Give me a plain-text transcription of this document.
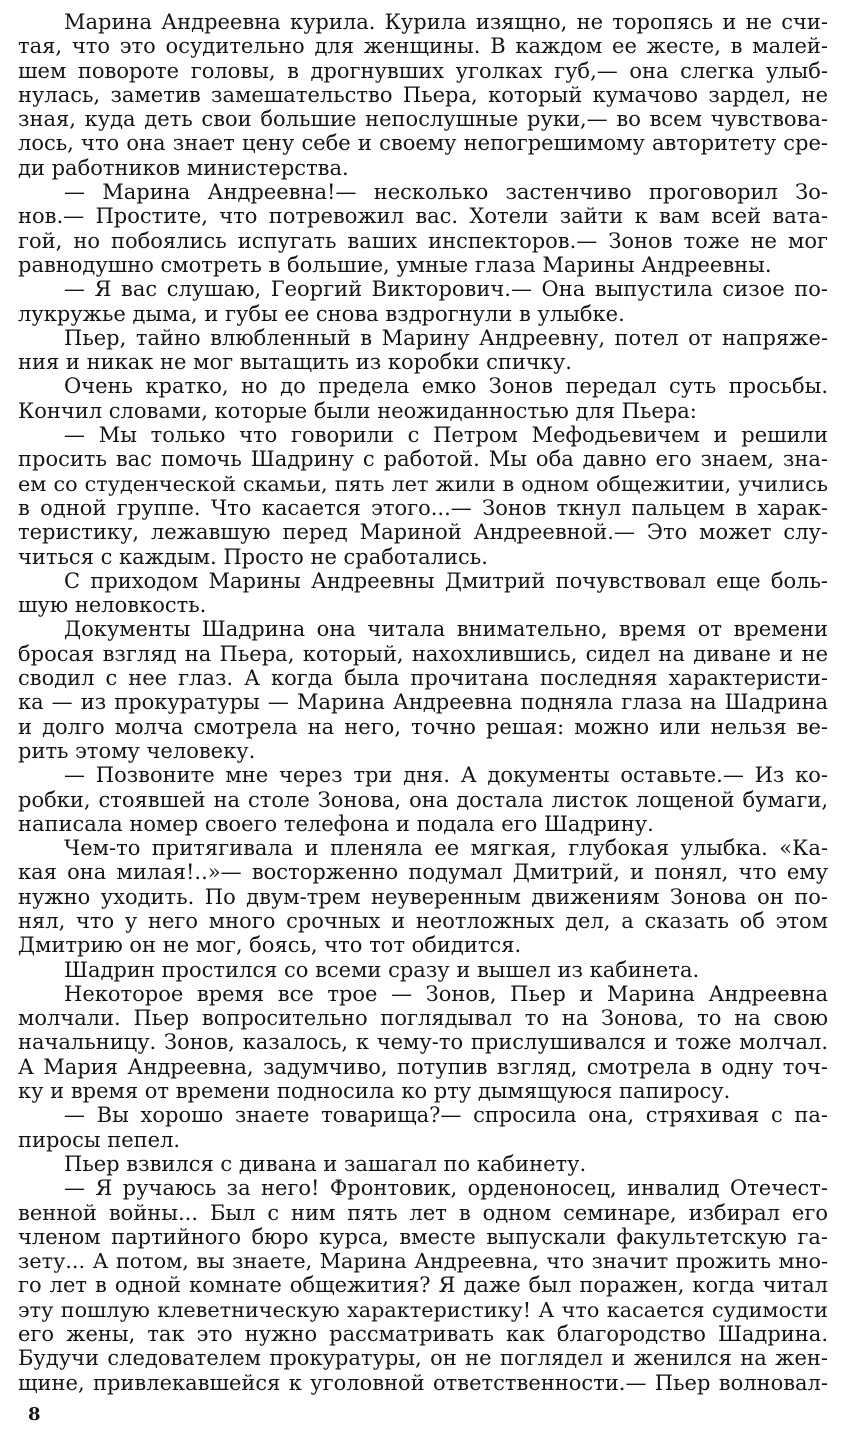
Марина Андреевна курила. Курила изящно, не торопясь и не счи-
тая, что это осудительно для женщины. В каждом ее жесте, в малей-
шем повороте головы, в дрогнувших уголках губ,— она слегка улыб-
нулась, заметив замешательство Пьера, который кумачово зардел, не
зная, куда деть свои большие непослушные руки,— во всем чувствова-
лось, что она знает цену себе и своему непогрешимому авторитету сре-
ди работников министерства.
— Марина Андреевна!— несколько застенчиво проговорил Зо-
нов.— Простите, что потревожил вас. Хотели зайти к вам всей вата-
гой, но побоялись испугать ваших инспекторов.— Зонов тоже не мог
равнодушно смотреть в большие, умные глаза Марины Андреевны.
— Я вас слушаю, Георгий Викторович.— Она выпустила сизое по-
лукружье дыма, и губы ее снова вздрогнули в улыбке.
Пьер, тайно влюбленный в Марину Андреевну, потел от напряже-
ния и никак не мог вытащить из коробки спичку.
Очень кратко, но до предела емко Зонов передал суть просьбы.
Кончил словами, которые были неожиданностью для Пьера:
— Мы только что говорили с Петром Мефодьевичем и решили
просить вас помочь Шадрину с работой. Мы оба давно его знаем, зна-
ем со студенческой скамьи, пять лет жили в одном общежитии, учились
в одной группе. Что касается этого...— Зонов ткнул пальцем в харак-
теристику, лежавшую перед Мариной Андреевной.— Это может слу-
читься с каждым. Просто не сработались.
С приходом Марины Андреевны Дмитрий почувствовал еще боль-
шую неловкость.
Документы Шадрина она читала внимательно, время от времени
бросая взгляд на Пьера, который, нахохлившись, сидел на диване и не
сводил с нее глаз. А когда была прочитана последняя характеристи-
ка — из прокуратуры — Марина Андреевна подняла глаза на Шадрина
и долго молча смотрела на него, точно решая: можно или нельзя ве-
рить этому человеку.
— Позвоните мне через три дня. А документы оставьте.— Из ко-
робки, стоявшей на столе Зонова, она достала листок лощеной бумаги,
написала номер своего телефона и подала его Шадрину.
Чем-то притягивала и пленяла ее мягкая, глубокая улыбка. «Ка-
кая она милая!..»— восторженно подумал Дмитрий, и понял, что ему
нужно уходить. По двум-трем неуверенным движениям Зонова он по-
нял, что у него много срочных и неотложных дел, а сказать об этом
Дмитрию он не мог, боясь, что тот обидится.
Шадрин простился со всеми сразу и вышел из кабинета.
Некоторое время все трое — Зонов, Пьер и Марина Андреевна
молчали. Пьер вопросительно поглядывал то на Зонова, то на свою
начальницу. Зонов, казалось, к чему-то прислушивался и тоже молчал.
А Мария Андреевна, задумчиво, потупив взгляд, смотрела в одну точ-
ку и время от времени подносила ко рту дымящуюся папиросу.
— Вы хорошо знаете товарища?— спросила она, стряхивая с па-
пиросы пепел.
Пьер взвился с дивана и зашагал по кабинету.
— Я ручаюсь за него! Фронтовик, орденоносец, инвалид Отечест-
венной войны... Был с ним пять лет в одном семинаре, избирал его
членом партийного бюро курса, вместе выпускали факультетскую га-
зету... А потом, вы знаете, Марина Андреевна, что значит прожить мно-
го лет в одной комнате общежития? Я даже был поражен, когда читал
эту пошлую клеветническую характеристику! А что касается судимости
его жены, так это нужно рассматривать как благородство Шадрина.
Будучи следователем прокуратуры, он не поглядел и женился на жен-
щине, привлекавшейся к уголовной ответственности.— Пьер волновал-
8
